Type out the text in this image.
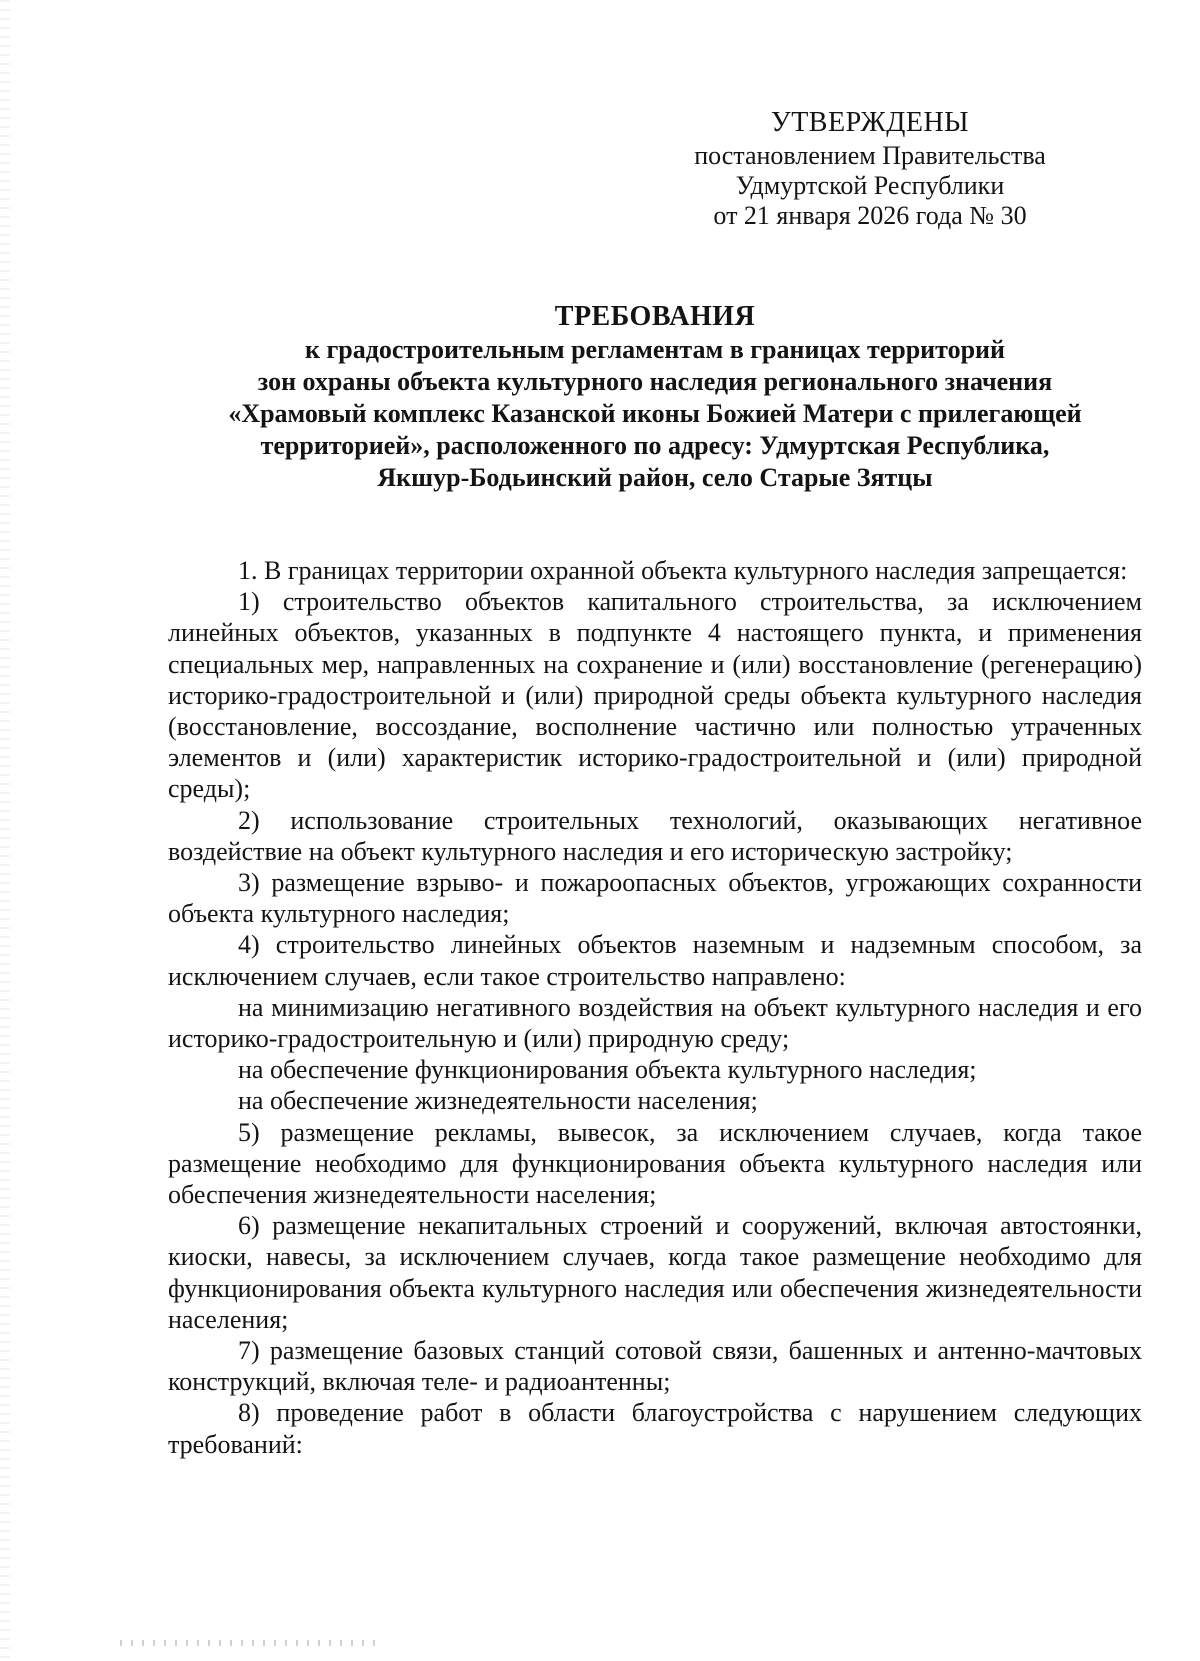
УТВЕРЖДЕНЫ
постановлением Правительства
Удмуртской Республики
от 21 января 2026 года № 30
ТРЕБОВАНИЯ
к градостроительным регламентам в границах территорий
зон охраны объекта культурного наследия регионального значения
«Храмовый комплекс Казанской иконы Божией Матери с прилегающей
территорией», расположенного по адресу: Удмуртская Республика,
Якшур-Бодьинский район, село Старые Зятцы

1. В границах территории охранной объекта культурного наследия запрещается:

1) строительство объектов капитального строительства, за исключением линейных объектов, указанных в подпункте 4 настоящего пункта, и применения специальных мер, направленных на сохранение и (или) восстановление (регенерацию) историко-градостроительной и (или) природной среды объекта культурного наследия (восстановление, воссоздание, восполнение частично или полностью утраченных элементов и (или) характеристик историко-градостроительной и (или) природной среды);

2) использование строительных технологий, оказывающих негативное воздействие на объект культурного наследия и его историческую застройку;

3) размещение взрыво- и пожароопасных объектов, угрожающих сохранности объекта культурного наследия;

4) строительство линейных объектов наземным и надземным способом, за исключением случаев, если такое строительство направлено:

на минимизацию негативного воздействия на объект культурного наследия и его историко-градостроительную и (или) природную среду;

на обеспечение функционирования объекта культурного наследия;

на обеспечение жизнедеятельности населения;

5) размещение рекламы, вывесок, за исключением случаев, когда такое размещение необходимо для функционирования объекта культурного наследия или обеспечения жизнедеятельности населения;

6) размещение некапитальных строений и сооружений, включая автостоянки, киоски, навесы, за исключением случаев, когда такое размещение необходимо для функционирования объекта культурного наследия или обеспечения жизнедеятельности населения;

7) размещение базовых станций сотовой связи, башенных и антенно-мачтовых конструкций, включая теле- и радиоантенны;

8) проведение работ в области благоустройства с нарушением следующих требований:
